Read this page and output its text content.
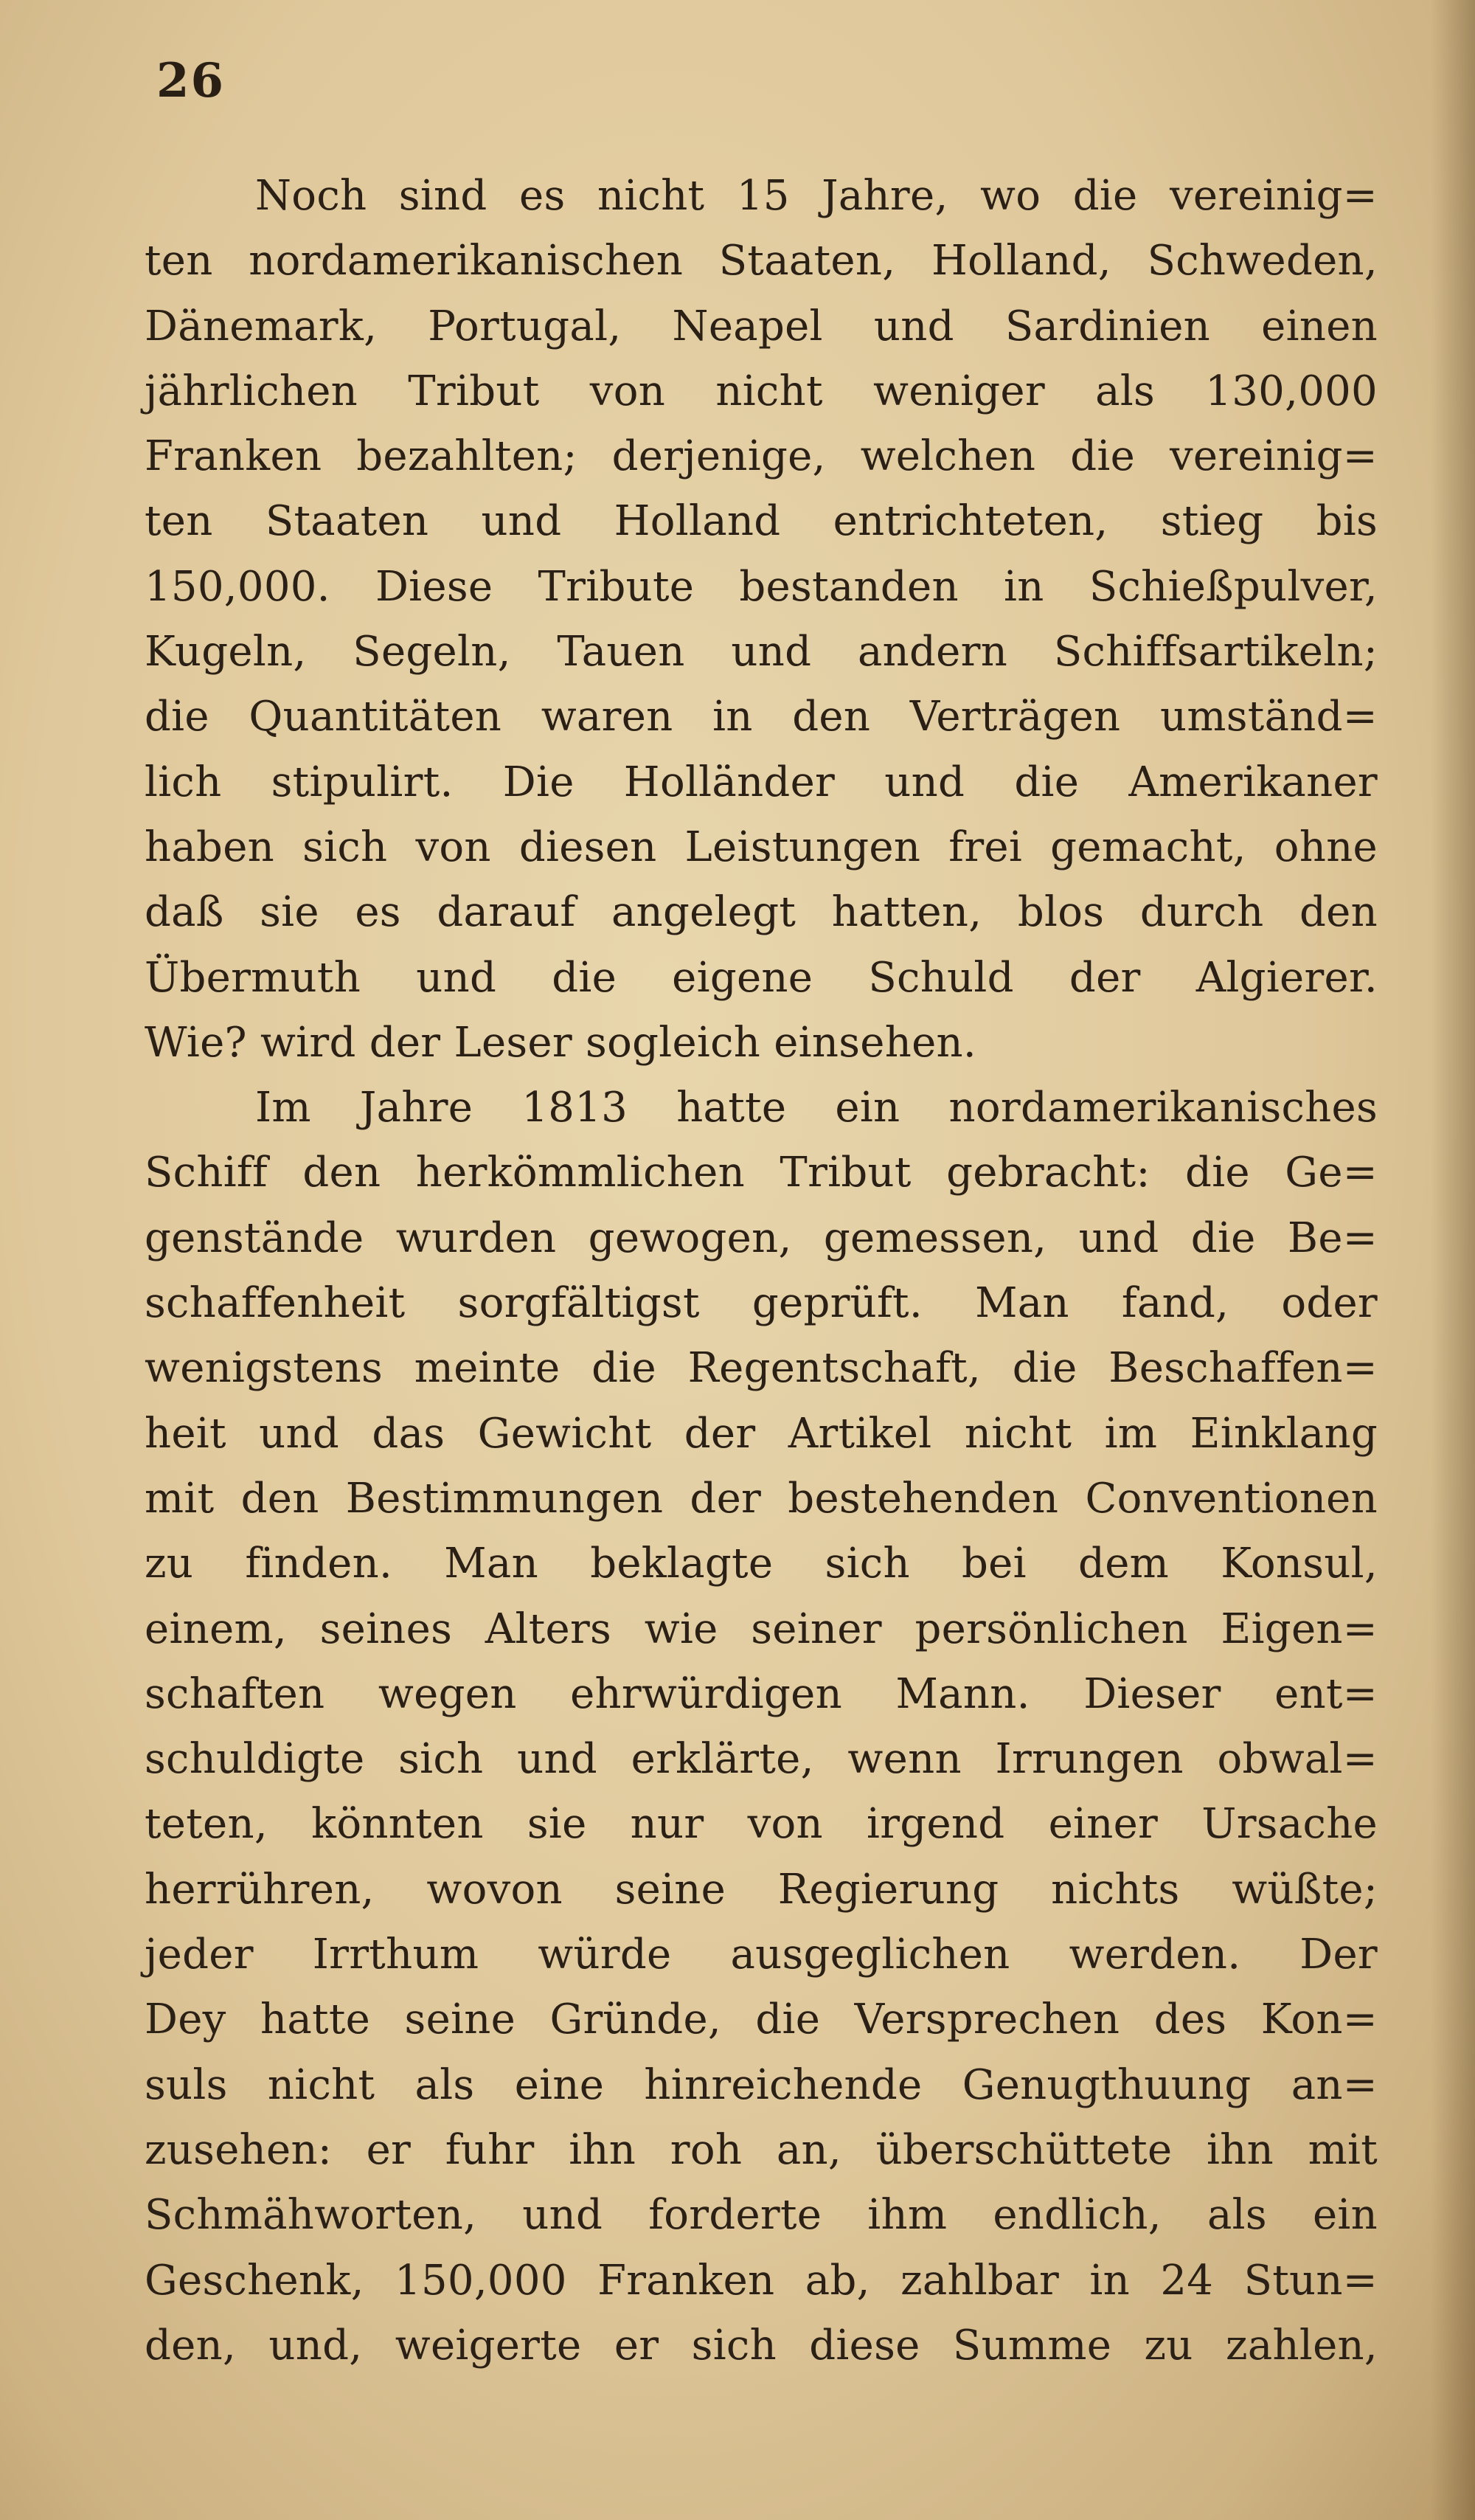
26
Noch sind es nicht 15 Jahre, wo die vereinig=
ten nordamerikanischen Staaten, Holland, Schweden,
Dänemark, Portugal, Neapel und Sardinien einen
jährlichen Tribut von nicht weniger als 130,000
Franken bezahlten; derjenige, welchen die vereinig=
ten Staaten und Holland entrichteten, stieg bis
150,000. Diese Tribute bestanden in Schießpulver,
Kugeln, Segeln, Tauen und andern Schiffsartikeln;
die Quantitäten waren in den Verträgen umständ=
lich stipulirt. Die Holländer und die Amerikaner
haben sich von diesen Leistungen frei gemacht, ohne
daß sie es darauf angelegt hatten, blos durch den
Übermuth und die eigene Schuld der Algierer.
Wie? wird der Leser sogleich einsehen.
Im Jahre 1813 hatte ein nordamerikanisches
Schiff den herkömmlichen Tribut gebracht: die Ge=
genstände wurden gewogen, gemessen, und die Be=
schaffenheit sorgfältigst geprüft. Man fand, oder
wenigstens meinte die Regentschaft, die Beschaffen=
heit und das Gewicht der Artikel nicht im Einklang
mit den Bestimmungen der bestehenden Conventionen
zu finden. Man beklagte sich bei dem Konsul,
einem, seines Alters wie seiner persönlichen Eigen=
schaften wegen ehrwürdigen Mann. Dieser ent=
schuldigte sich und erklärte, wenn Irrungen obwal=
teten, könnten sie nur von irgend einer Ursache
herrühren, wovon seine Regierung nichts wüßte;
jeder Irrthum würde ausgeglichen werden. Der
Dey hatte seine Gründe, die Versprechen des Kon=
suls nicht als eine hinreichende Genugthuung an=
zusehen: er fuhr ihn roh an, überschüttete ihn mit
Schmähworten, und forderte ihm endlich, als ein
Geschenk, 150,000 Franken ab, zahlbar in 24 Stun=
den, und, weigerte er sich diese Summe zu zahlen,
